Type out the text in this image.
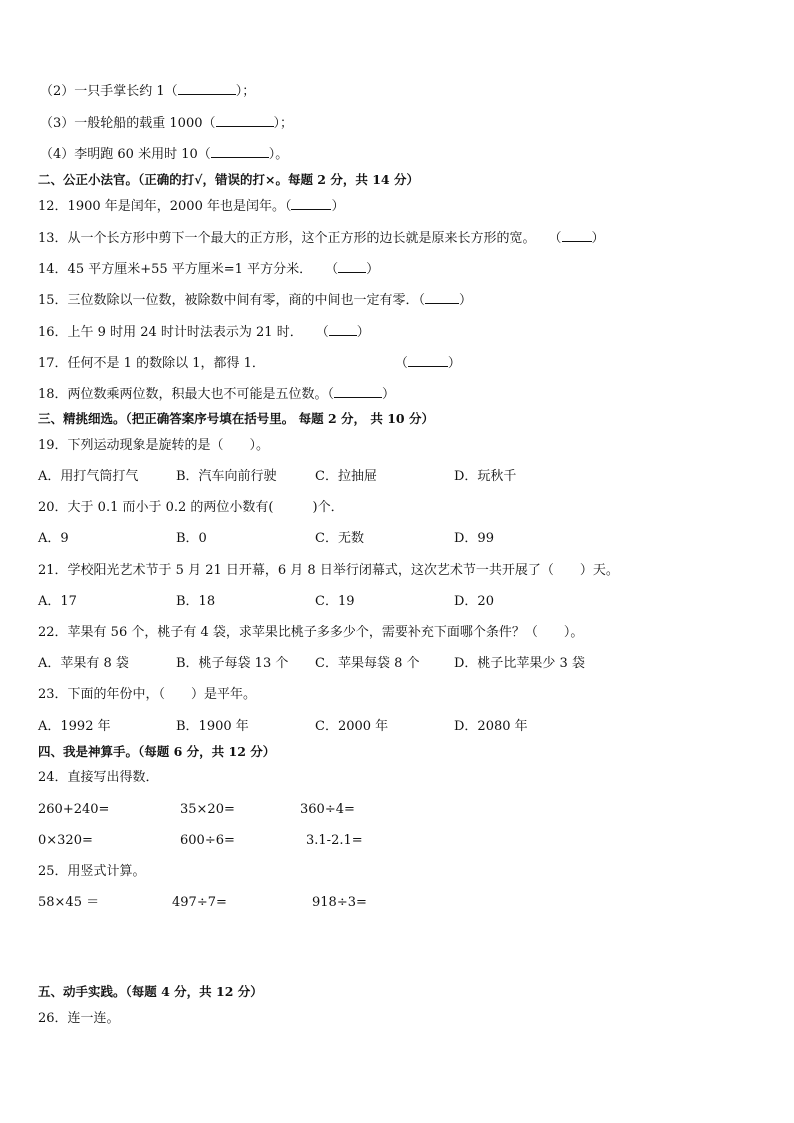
（2）一只手掌长约 1（	）；
（3）一般轮船的载重 1000（	）；
（4）李明跑 60 米用时 10（	）。
二、公正小法官。（正确的打√，错误的打×。每题 2 分，共 14 分）
12．1900 年是闰年，2000 年也是闰年。（	）
13．从一个长方形中剪下一个最大的正方形，这个正方形的边长就是原来长方形的宽。　　（ ）
14．45 平方厘米+55 平方厘米=1 平方分米．　　（ ）
15．三位数除以一位数，被除数中间有零，商的中间也一定有零．（	）
16．上午 9 时用 24 时计时法表示为 21 时．　　（ ）
17．任何不是 1 的数除以 1，都得 1．　　　　　　　　　　　（	）
18．两位数乘两位数，积最大也不可能是五位数。（	）
三、精挑细选。（把正确答案序号填在括号里。 每题 2 分， 共 10 分）
19．下列运动现象是旋转的是（　　）。
A．用打气筒打气	B．汽车向前行驶	C．拉抽屉	D．玩秋千
20．大于 0.1 而小于 0.2 的两位小数有(　　　)个．
A．9	B．0	C．无数	D．99
21．学校阳光艺术节于 5 月 21 日开幕，6 月 8 日举行闭幕式，这次艺术节一共开展了（　　）天。
A．17	B．18	C．19	D．20
22．苹果有 56 个，桃子有 4 袋，求苹果比桃子多多少个，需要补充下面哪个条件？（　　）。
A．苹果有 8 袋	B．桃子每袋 13 个 C．苹果每袋 8 个	D．桃子比苹果少 3 袋
23．下面的年份中，（　　）是平年。
A．1992 年	B．1900 年	C．2000 年	D．2080 年
四、我是神算手。（每题 6 分，共 12 分）
24．直接写出得数．
260+240=	35×20=	360÷4=
0×320=	600÷6=	3.1-2.1=
25．用竖式计算。
58×45 ＝	497÷7=	918÷3=
五、动手实践。（每题 4 分，共 12 分）
26．连一连。
